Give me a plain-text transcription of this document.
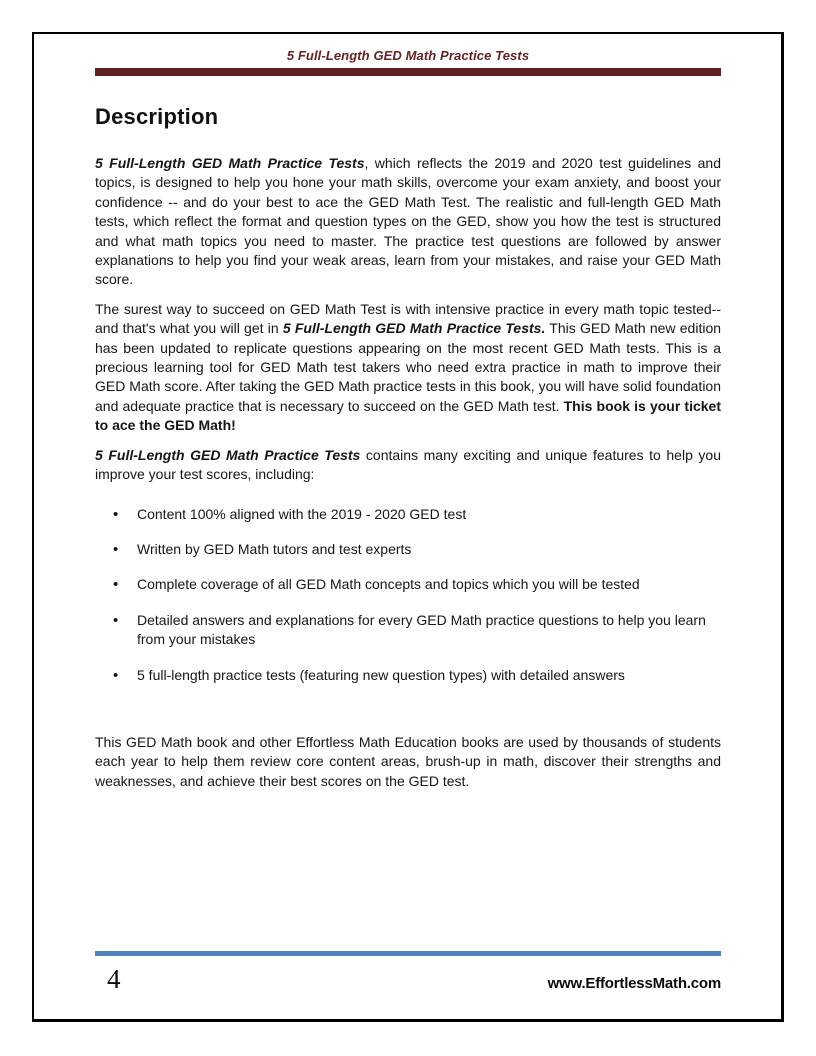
5 Full-Length GED Math Practice Tests
Description

5 Full-Length GED Math Practice Tests, which reflects the 2019 and 2020 test guidelines and topics, is designed to help you hone your math skills, overcome your exam anxiety, and boost your confidence -- and do your best to ace the GED Math Test. The realistic and full-length GED Math tests, which reflect the format and question types on the GED, show you how the test is structured and what math topics you need to master. The practice test questions are followed by answer explanations to help you find your weak areas, learn from your mistakes, and raise your GED Math score.

The surest way to succeed on GED Math Test is with intensive practice in every math topic tested-- and that's what you will get in 5 Full-Length GED Math Practice Tests. This GED Math new edition has been updated to replicate questions appearing on the most recent GED Math tests. This is a precious learning tool for GED Math test takers who need extra practice in math to improve their GED Math score. After taking the GED Math practice tests in this book, you will have solid foundation and adequate practice that is necessary to succeed on the GED Math test. This book is your ticket to ace the GED Math!

5 Full-Length GED Math Practice Tests contains many exciting and unique features to help you improve your test scores, including:

•
Content 100% aligned with the 2019 - 2020 GED test
•
Written by GED Math tutors and test experts
•
Complete coverage of all GED Math concepts and topics which you will be tested
•
Detailed answers and explanations for every GED Math practice questions to help you learn from your mistakes
•
5 full-length practice tests (featuring new question types) with detailed answers

This GED Math book and other Effortless Math Education books are used by thousands of students each year to help them review core content areas, brush-up in math, discover their strengths and weaknesses, and achieve their best scores on the GED test.

4	www.EffortlessMath.com
